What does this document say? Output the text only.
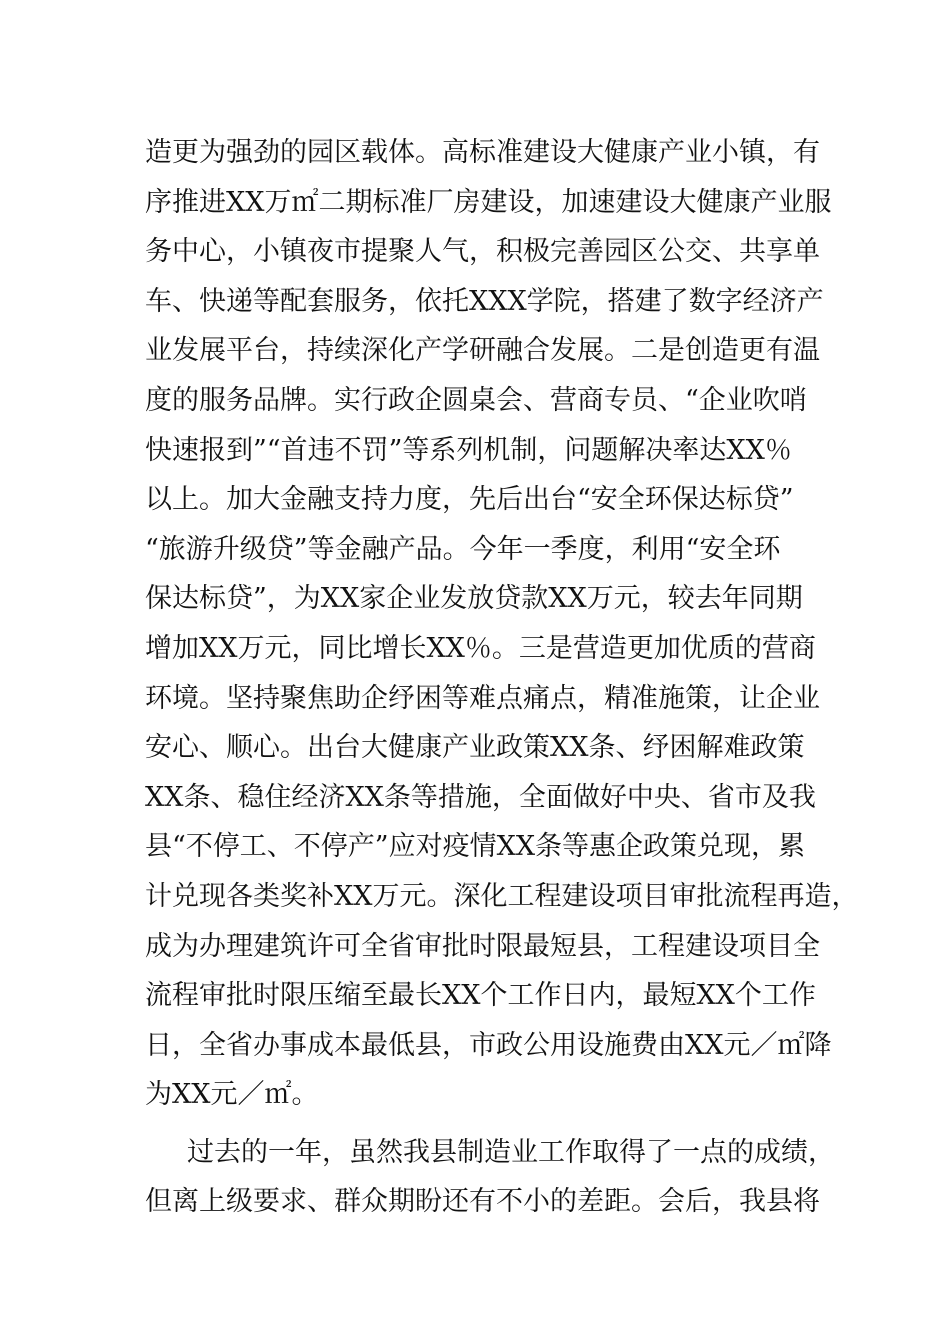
造更为强劲的园区载体。高标准建设大健康产业小镇，有
序推进XX万㎡二期标准厂房建设，加速建设大健康产业服
务中心，小镇夜市提聚人气，积极完善园区公交、共享单
车、快递等配套服务，依托XXX学院，搭建了数字经济产
业发展平台，持续深化产学研融合发展。二是创造更有温
度的服务品牌。实行政企圆桌会、营商专员、“企业吹哨
快速报到”“首违不罚”等系列机制，问题解决率达XX％
以上。加大金融支持力度，先后出台“安全环保达标贷”
“旅游升级贷”等金融产品。今年一季度，利用“安全环
保达标贷”，为XX家企业发放贷款XX万元，较去年同期
增加XX万元，同比增长XX％。三是营造更加优质的营商
环境。坚持聚焦助企纾困等难点痛点，精准施策，让企业
安心、顺心。出台大健康产业政策XX条、纾困解难政策
XX条、稳住经济XX条等措施，全面做好中央、省市及我
县“不停工、不停产”应对疫情XX条等惠企政策兑现，累
计兑现各类奖补XX万元。深化工程建设项目审批流程再造，
成为办理建筑许可全省审批时限最短县，工程建设项目全
流程审批时限压缩至最长XX个工作日内，最短XX个工作
日，全省办事成本最低县，市政公用设施费由XX元／㎡降
为XX元／㎡。
过去的一年，虽然我县制造业工作取得了一点的成绩，
但离上级要求、群众期盼还有不小的差距。会后，我县将
